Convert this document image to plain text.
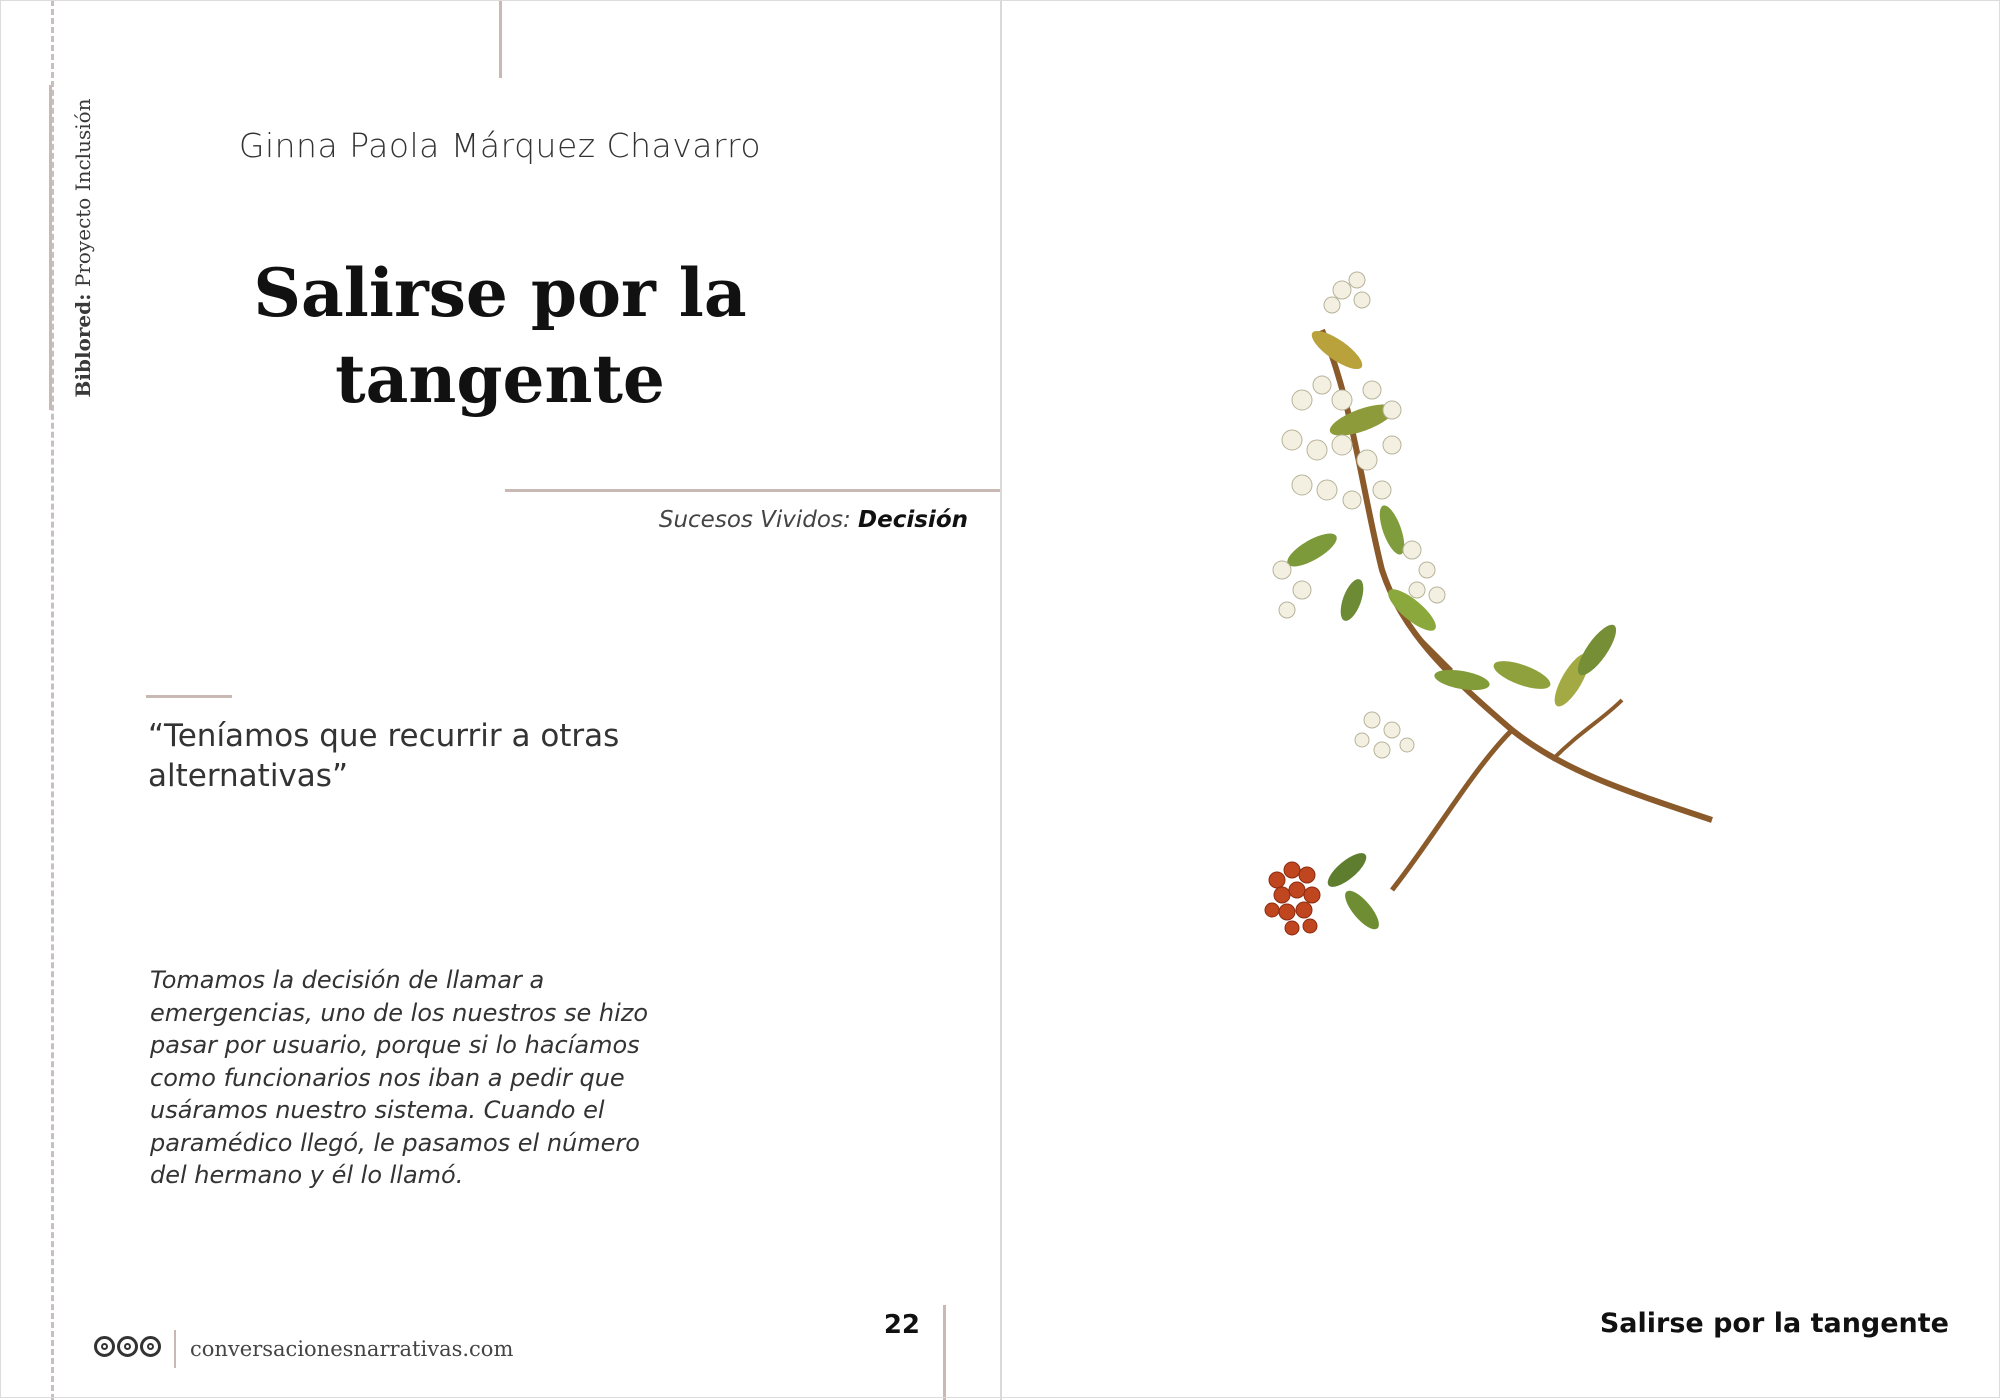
Biblored: Proyecto Inclusión	Ginna Paola Márquez Chavarro
Salirse por la
tangente
Sucesos Vividos: Decisión
“Teníamos que recurrir a otras
alternativas”
Tomamos la decisión de llamar a
emergencias, uno de los nuestros se hizo
pasar por usuario, porque si lo hacíamos
como funcionarios nos iban a pedir que
usáramos nuestro sistema. Cuando el
paramédico llegó, le pasamos el número
del hermano y él lo llamó.
conversacionesnarrativas.com
22	Salirse por la tangente
